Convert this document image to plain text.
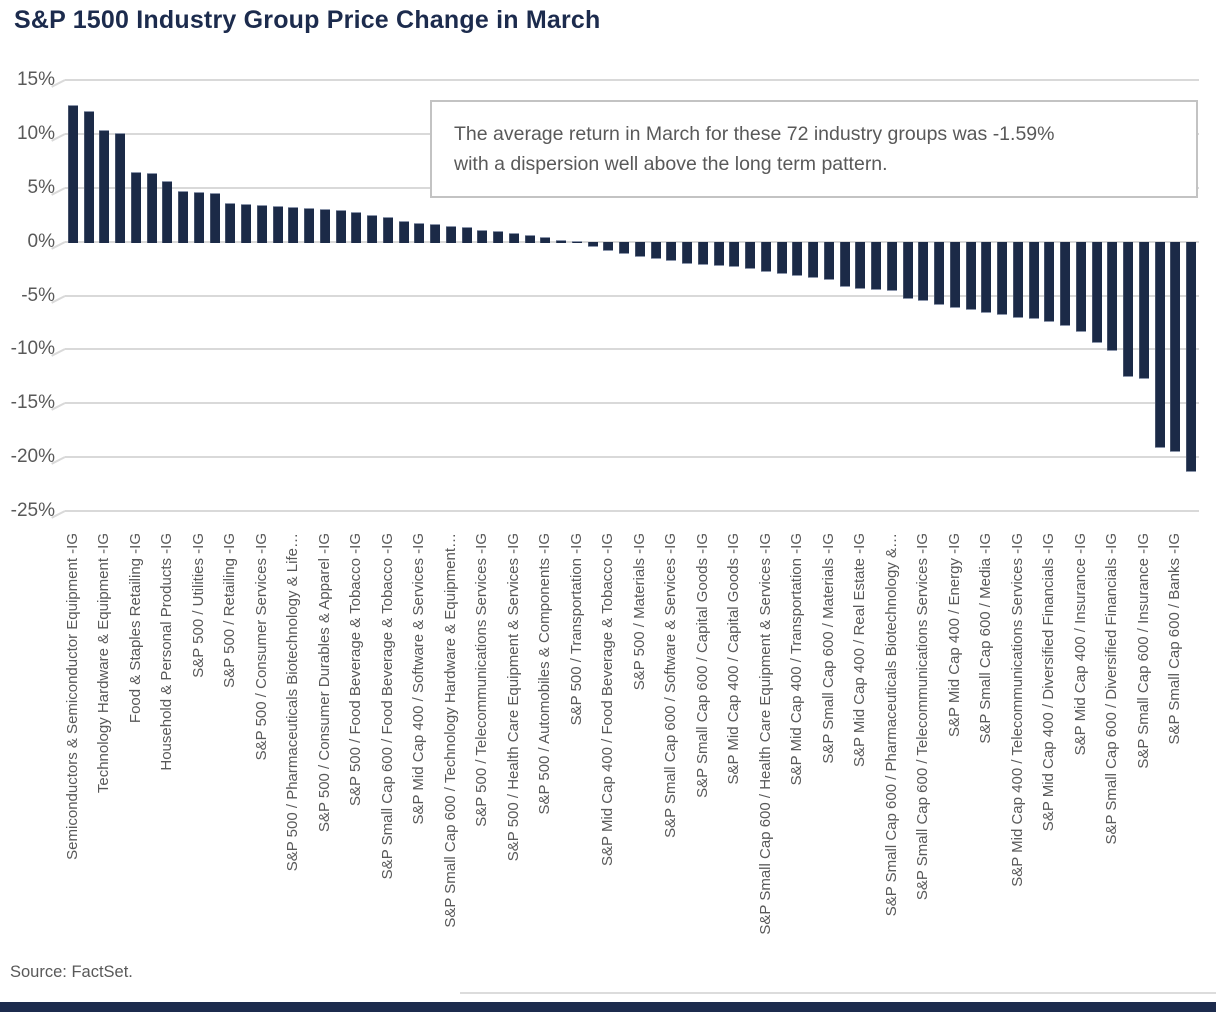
S&P 1500 Industry Group Price Change in March
15%
10%
5%
0%
-5%
-10%
-15%
-20%
-25%
Semiconductors & Semiconductor Equipment -IG Technology Hardware & Equipment -IG Food & Staples Retailing -IG Household & Personal Products -IG S&P 500 / Utilities -IG S&P 500 / Retailing -IG S&P 500 / Consumer Services -IG S&P 500 / Pharmaceuticals Biotechnology & Life… S&P 500 / Consumer Durables & Apparel -IG S&P 500 / Food Beverage & Tobacco -IG S&P Small Cap 600 / Food Beverage & Tobacco -IG S&P Mid Cap 400 / Software & Services -IG S&P Small Cap 600 / Technology Hardware & Equipment… S&P 500 / Telecommunications Services -IG S&P 500 / Health Care Equipment & Services -IG S&P 500 / Automobiles & Components -IG S&P 500 / Transportation -IG S&P Mid Cap 400 / Food Beverage & Tobacco -IG S&P 500 / Materials -IG S&P Small Cap 600 / Software & Services -IG S&P Small Cap 600 / Capital Goods -IG S&P Mid Cap 400 / Capital Goods -IG S&P Small Cap 600 / Health Care Equipment & Services -IG S&P Mid Cap 400 / Transportation -IG S&P Small Cap 600 / Materials -IG S&P Mid Cap 400 / Real Estate -IG S&P Small Cap 600 / Pharmaceuticals Biotechnology &… S&P Small Cap 600 / Telecommunications Services -IG S&P Mid Cap 400 / Energy -IG S&P Small Cap 600 / Media -IG S&P Mid Cap 400 / Telecommunications Services -IG S&P Mid Cap 400 / Diversified Financials -IG S&P Mid Cap 400 / Insurance -IG S&P Small Cap 600 / Diversified Financials -IG S&P Small Cap 600 / Insurance -IG S&P Small Cap 600 / Banks -IG
The average return in March for these 72 industry groups was -1.59%
with a dispersion well above the long term pattern.
Source: FactSet.
